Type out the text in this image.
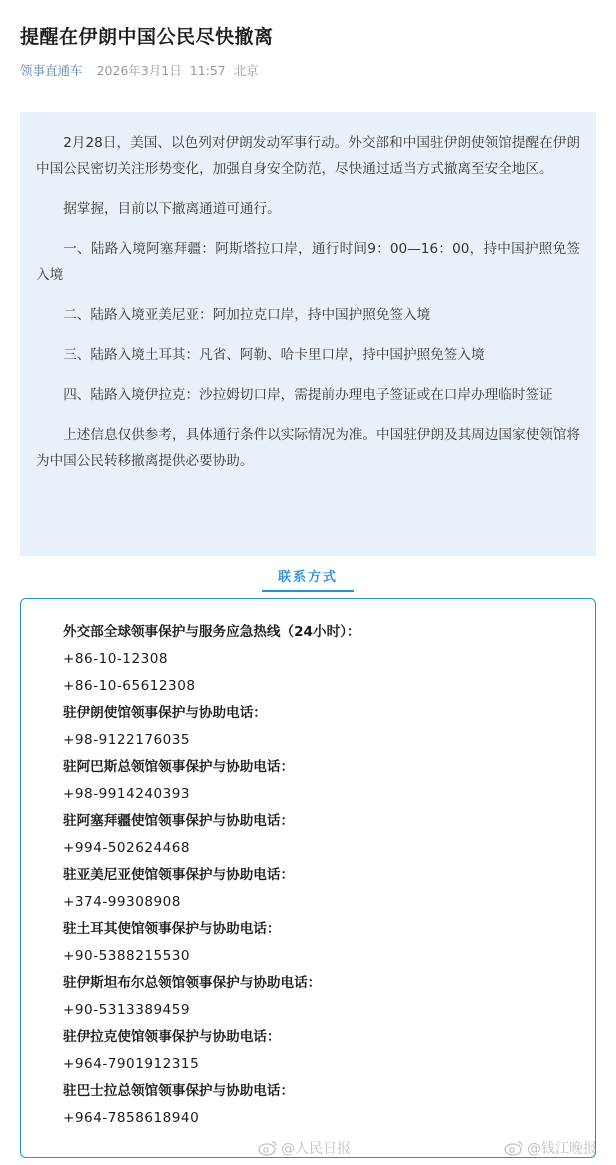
提醒在伊朗中国公民尽快撤离
领事直通车 2026年3月1日 11:57 北京

2月28日，美国、以色列对伊朗发动军事行动。外交部和中国驻伊朗使领馆提醒在伊朗中国公民密切关注形势变化，加强自身安全防范，尽快通过适当方式撤离至安全地区。

据掌握，目前以下撤离通道可通行。

一、陆路入境阿塞拜疆：阿斯塔拉口岸，通行时间9：00—16：00，持中国护照免签入境

二、陆路入境亚美尼亚：阿加拉克口岸，持中国护照免签入境

三、陆路入境土耳其：凡省、阿勒、哈卡里口岸，持中国护照免签入境

四、陆路入境伊拉克：沙拉姆切口岸，需提前办理电子签证或在口岸办理临时签证

上述信息仅供参考，具体通行条件以实际情况为准。中国驻伊朗及其周边国家使领馆将为中国公民转移撤离提供必要协助。

联系方式
外交部全球领事保护与服务应急热线（24小时）：
+86-10-12308
+86-10-65612308
驻伊朗使馆领事保护与协助电话：
+98-9122176035
驻阿巴斯总领馆领事保护与协助电话：
+98-9914240393
驻阿塞拜疆使馆领事保护与协助电话：
+994-502624468
驻亚美尼亚使馆领事保护与协助电话：
+374-99308908
驻土耳其使馆领事保护与协助电话：
+90-5388215530
驻伊斯坦布尔总领馆领事保护与协助电话：
+90-5313389459
驻伊拉克使馆领事保护与协助电话：
+964-7901912315
驻巴士拉总领馆领事保护与协助电话：
+964-7858618940
@人民日报	@钱江晚报
